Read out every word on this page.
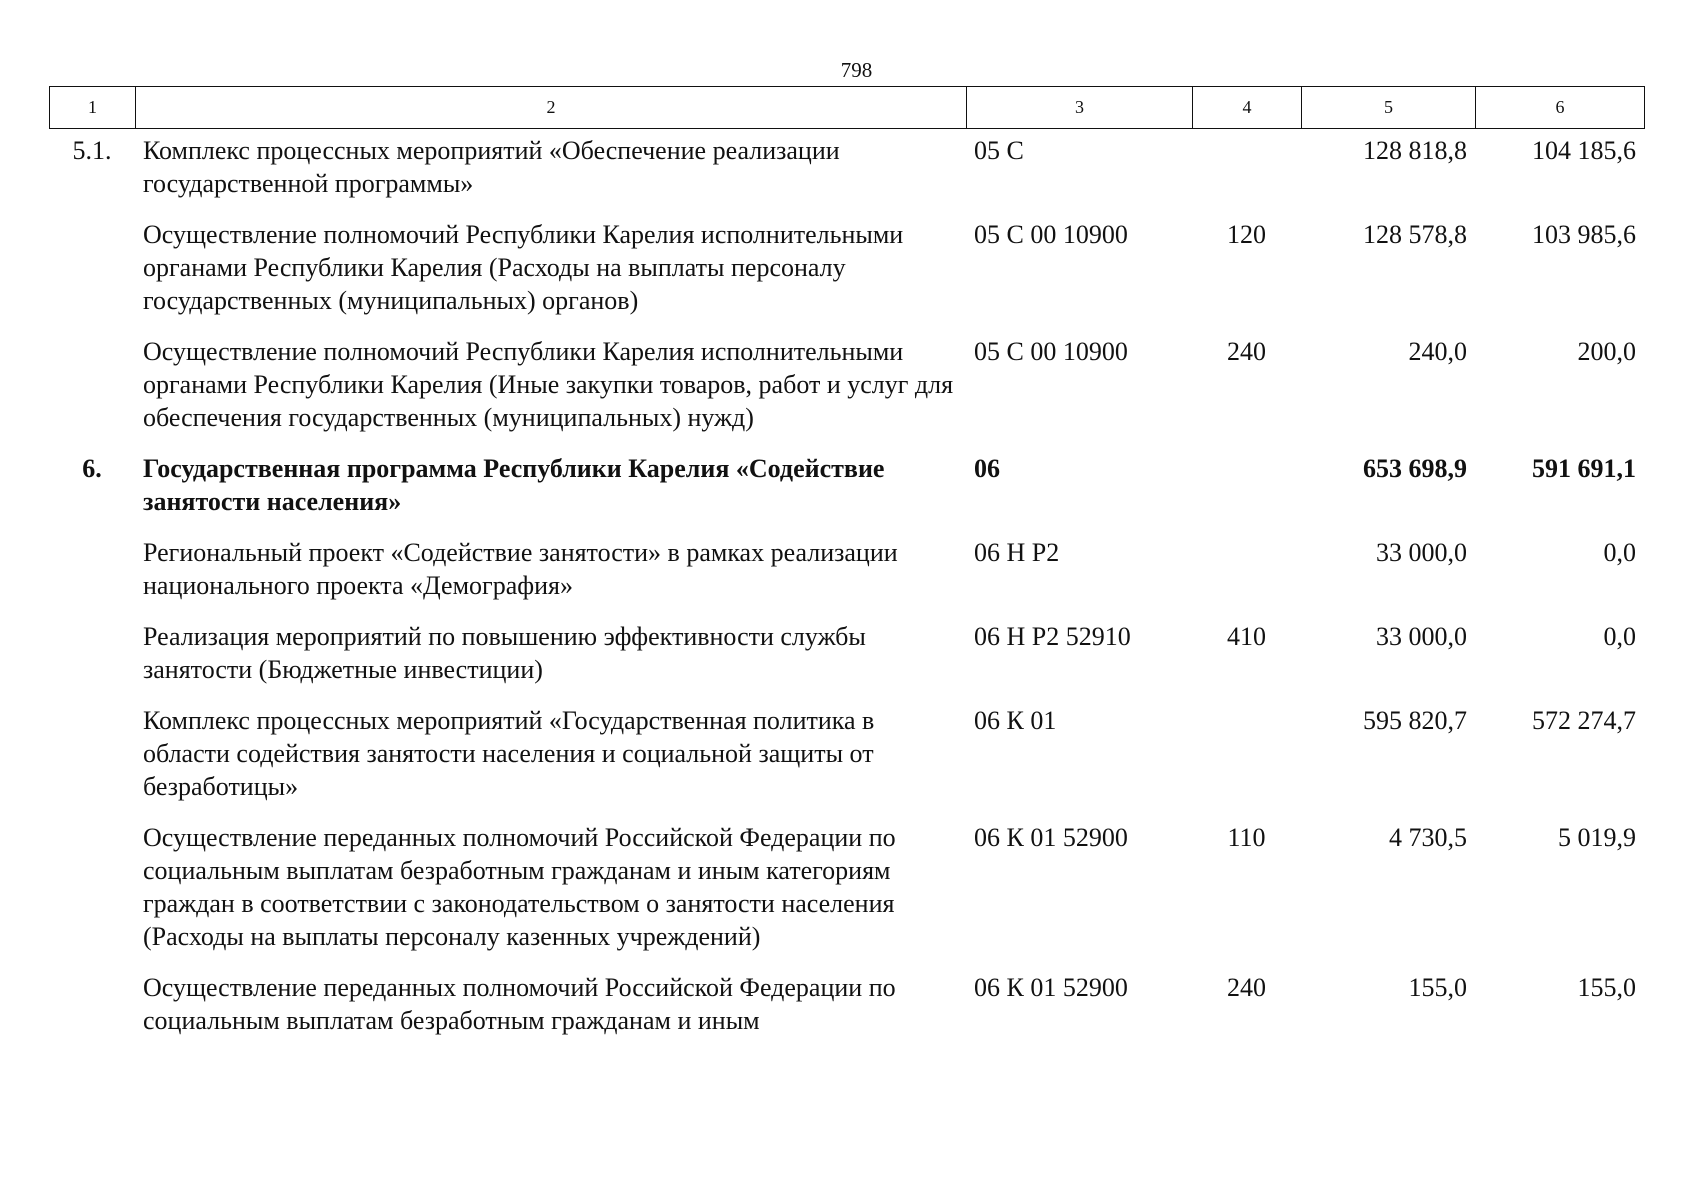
798
1	2	3	4	5	6
5.1.	Комплекс процессных мероприятий «Обеспечение реализации государственной программы»	05 С		128 818,8	104 185,6
	Осуществление полномочий Республики Карелия исполнительными органами Республики Карелия (Расходы на выплаты персоналу государственных (муниципальных) органов)	05 С 00 10900	120	128 578,8	103 985,6
	Осуществление полномочий Республики Карелия исполнительными органами Республики Карелия (Иные закупки товаров, работ и услуг для обеспечения государственных (муниципальных) нужд)	05 С 00 10900	240	240,0	200,0
6.	Государственная программа Республики Карелия «Содействие занятости населения»	06		653 698,9	591 691,1
	Региональный проект «Содействие занятости» в рамках реализации национального проекта «Демография»	06 Н Р2		33 000,0	0,0
	Реализация мероприятий по повышению эффективности службы занятости (Бюджетные инвестиции)	06 Н Р2 52910	410	33 000,0	0,0
	Комплекс процессных мероприятий «Государственная политика в области содействия занятости населения и социальной защиты от безработицы»	06 К 01		595 820,7	572 274,7
	Осуществление переданных полномочий Российской Федерации по социальным выплатам безработным гражданам и иным категориям граждан в соответствии с законодательством о занятости населения (Расходы на выплаты персоналу казенных учреждений)	06 К 01 52900	110	4 730,5	5 019,9
	Осуществление переданных полномочий Российской Федерации по социальным выплатам безработным гражданам и иным	06 К 01 52900	240	155,0	155,0
